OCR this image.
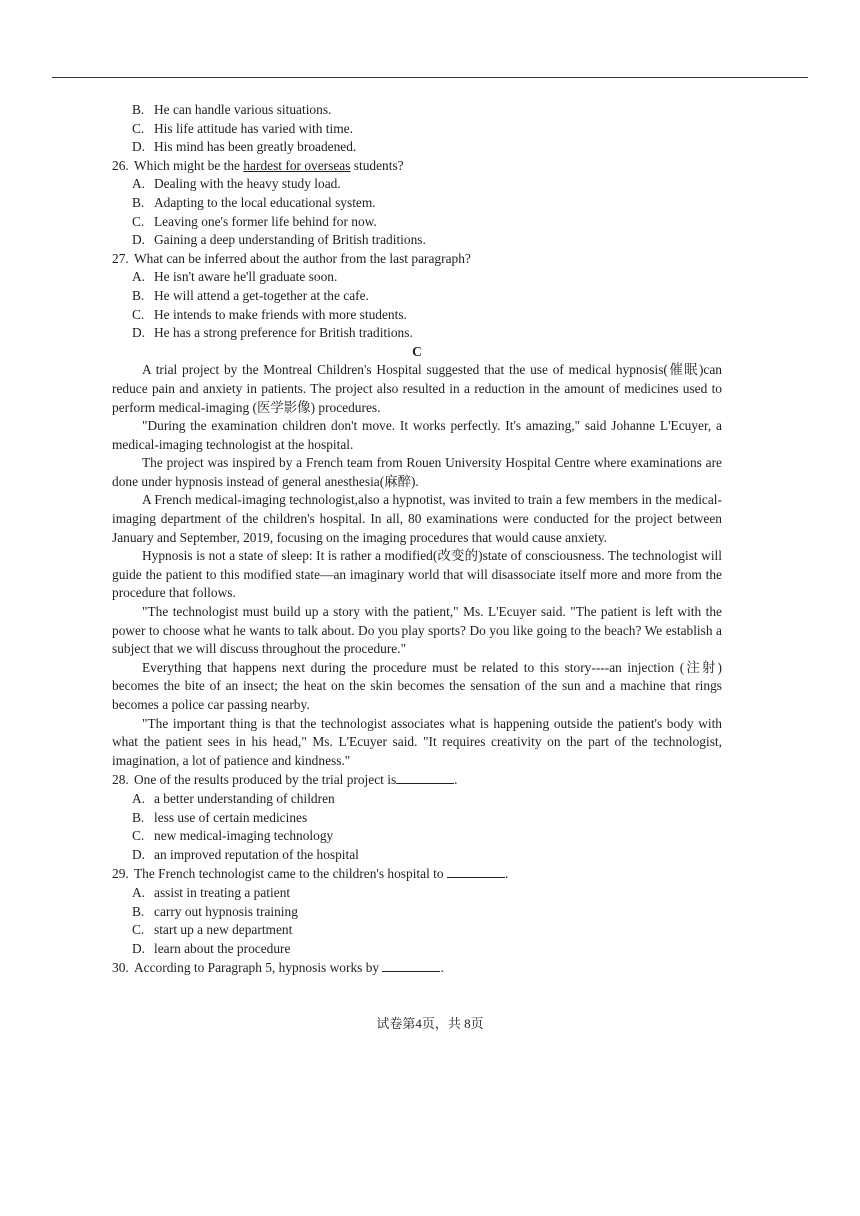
B. He can handle various situations.
C. His life attitude has varied with time.
D. His mind has been greatly broadened.
26. Which might be the hardest for overseas students?
A. Dealing with the heavy study load.
B. Adapting to the local educational system.
C. Leaving one's former life behind for now.
D. Gaining a deep understanding of British traditions.
27. What can be inferred about the author from the last paragraph?
A. He isn't aware he'll graduate soon.
B. He will attend a get-together at the cafe.
C. He intends to make friends with more students.
D. He has a strong preference for British traditions.
C

A trial project by the Montreal Children's Hospital suggested that the use of medical hypnosis(催眠)can reduce pain and anxiety in patients. The project also resulted in a reduction in the amount of medicines used to perform medical-imaging (医学影像) procedures.

"During the examination children don't move. It works perfectly. It's amazing," said Johanne L'Ecuyer, a medical-imaging technologist at the hospital.

The project was inspired by a French team from Rouen University Hospital Centre where examinations are done under hypnosis instead of general anesthesia(麻醉).

A French medical-imaging technologist,also a hypnotist, was invited to train a few members in the medical-imaging department of the children's hospital. In all, 80 examinations were conducted for the project between January and September, 2019, focusing on the imaging procedures that would cause anxiety.

Hypnosis is not a state of sleep: It is rather a modified(改变的)state of consciousness. The technologist will guide the patient to this modified state—an imaginary world that will disassociate itself more and more from the procedure that follows.

"The technologist must build up a story with the patient," Ms. L'Ecuyer said. "The patient is left with the power to choose what he wants to talk about. Do you play sports? Do you like going to the beach? We establish a subject that we will discuss throughout the procedure."

Everything that happens next during the procedure must be related to this story----an injection (注射) becomes the bite of an insect; the heat on the skin becomes the sensation of the sun and a machine that rings becomes a police car passing nearby.

"The important thing is that the technologist associates what is happening outside the patient's body with what the patient sees in his head," Ms. L'Ecuyer said. "It requires creativity on the part of the technologist, imagination, a lot of patience and kindness."

28. One of the results produced by the trial project is	.
A. a better understanding of children
B. less use of certain medicines
C. new medical-imaging technology
D. an improved reputation of the hospital
29. The French technologist came to the children's hospital to	.
A. assist in treating a patient
B. carry out hypnosis training
C. start up a new department
D. learn about the procedure
30. According to Paragraph 5, hypnosis works by	.
试卷第4页，共 8页
